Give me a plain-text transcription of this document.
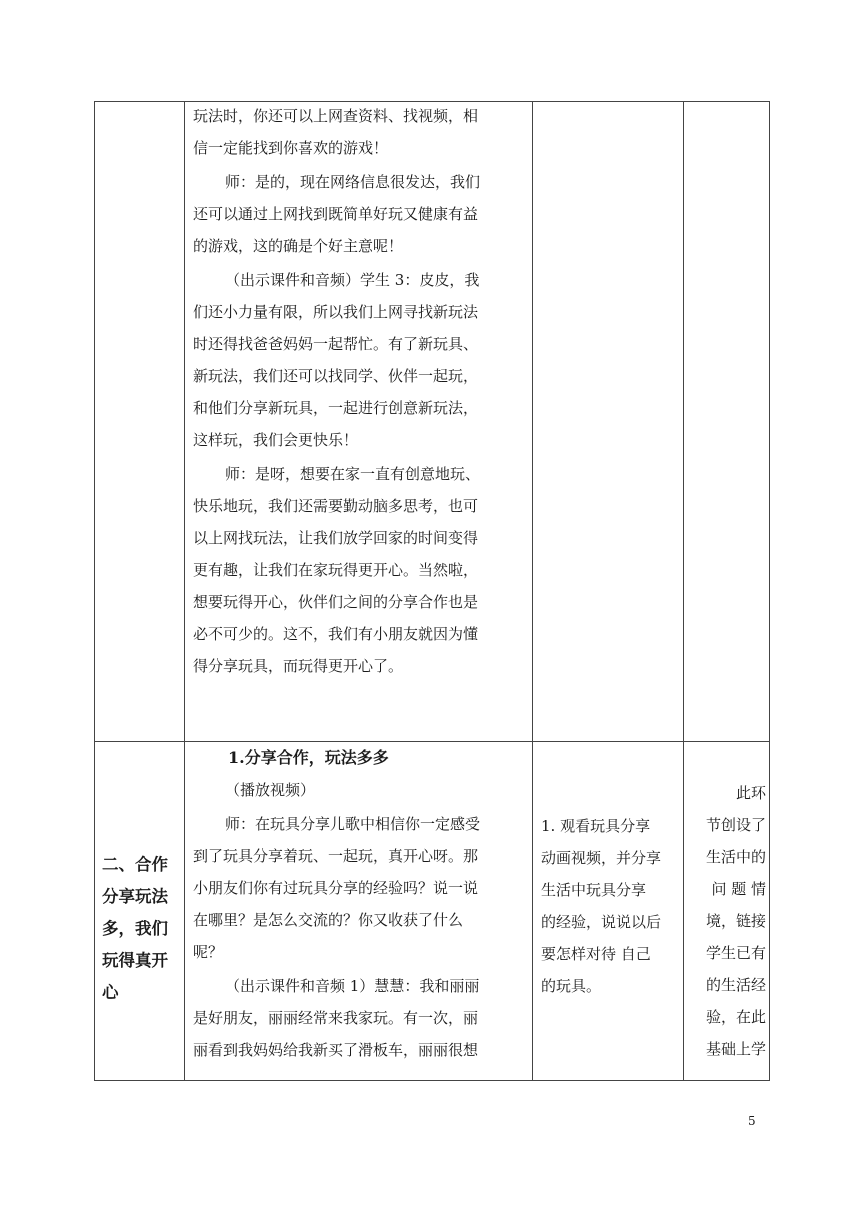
玩法时，你还可以上网查资料、找视频，相
信一定能找到你喜欢的游戏！
师：是的，现在网络信息很发达，我们
还可以通过上网找到既简单好玩又健康有益
的游戏，这的确是个好主意呢！
（出示课件和音频）学生 3：皮皮，我
们还小力量有限，所以我们上网寻找新玩法
时还得找爸爸妈妈一起帮忙。有了新玩具、
新玩法，我们还可以找同学、伙伴一起玩，
和他们分享新玩具，一起进行创意新玩法，
这样玩，我们会更快乐！
师：是呀，想要在家一直有创意地玩、
快乐地玩，我们还需要勤动脑多思考，也可
以上网找玩法，让我们放学回家的时间变得
更有趣，让我们在家玩得更开心。当然啦，
想要玩得开心，伙伴们之间的分享合作也是
必不可少的。这不，我们有小朋友就因为懂
得分享玩具，而玩得更开心了。
二、合作
分享玩法
多，我们
玩得真开
心
1.分享合作，玩法多多
（播放视频）
师：在玩具分享儿歌中相信你一定感受
到了玩具分享着玩、一起玩，真开心呀。那
小朋友们你有过玩具分享的经验吗？说一说
在哪里？是怎么交流的？你又收获了什么
呢？
（出示课件和音频 1）慧慧：我和丽丽
是好朋友，丽丽经常来我家玩。有一次，丽
丽看到我妈妈给我新买了滑板车，丽丽很想
1. 观看玩具分享
动画视频，并分享
生活中玩具分享
的经验，说说以后
要怎样对待 自己
的玩具。
此环
节创设了
生活中的
问 题 情
境，链接
学生已有
的生活经
验，在此
基础上学
5
